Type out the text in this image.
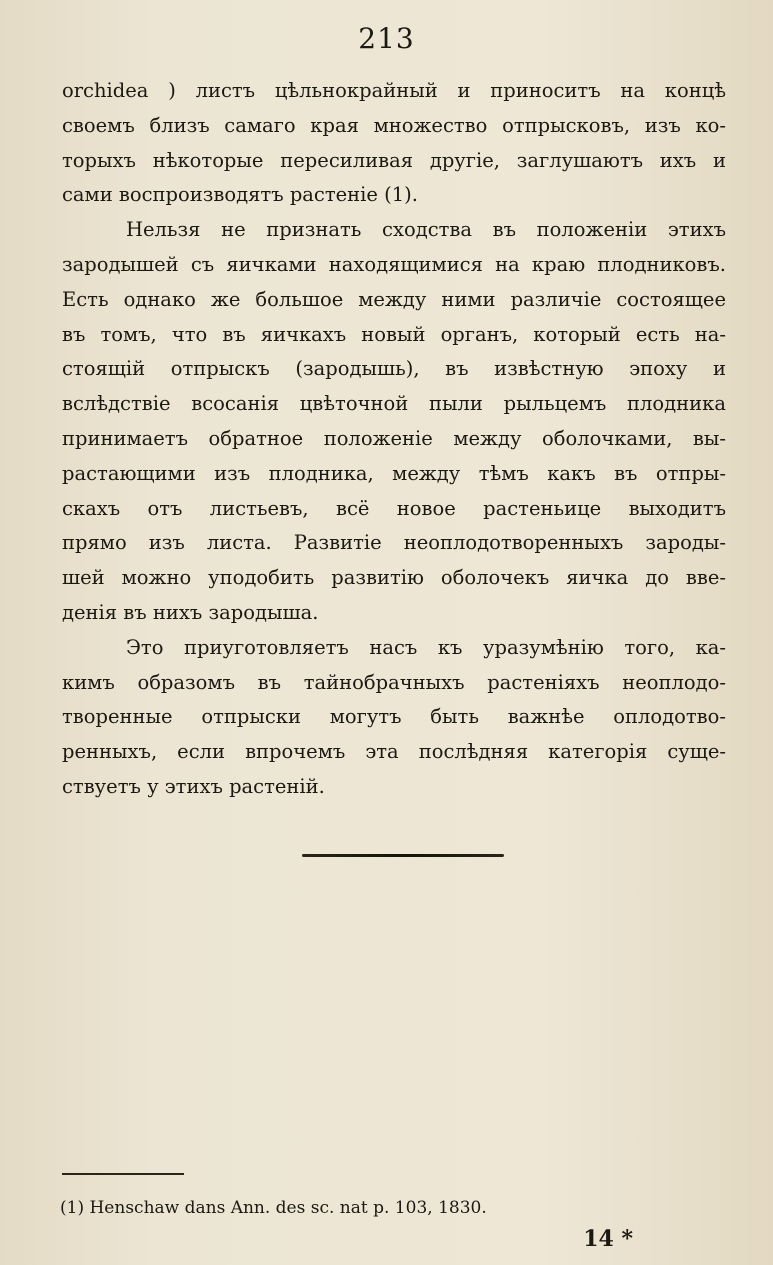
213

orchidea ) листъ цѣльнокрайный и приноситъ на концѣ
своемъ близъ самаго края множество отпрысковъ, изъ ко-
торыхъ нѣкоторые пересиливая другіе, заглушаютъ ихъ и
сами воспроизводятъ растеніе (1).

Нельзя не признать сходства въ положеніи этихъ
зародышей съ яичками находящимися на краю плодниковъ.
Есть однако же большое между ними различіе состоящее
въ томъ, что въ яичкахъ новый органъ, который есть на-
стоящій отпрыскъ (зародышь), въ извѣстную эпоху и
вслѣдствіе всосанія цвѣточной пыли рыльцемъ плодника
принимаетъ обратное положеніе между оболочками, вы-
растающими изъ плодника, между тѣмъ какъ въ отпры-
скахъ отъ листьевъ, всё новое растеньице выходитъ
прямо изъ листа. Развитіе неоплодотворенныхъ зароды-
шей можно уподобить развитію оболочекъ яичка до вве-
денія въ нихъ зародыша.

Это приуготовляетъ насъ къ уразумѣнію того, ка-
кимъ образомъ въ тайнобрачныхъ растеніяхъ неоплодо-
творенные отпрыски могутъ быть важнѣе оплодотво-
ренныхъ, если впрочемъ эта послѣдняя категорія суще-
ствуетъ у этихъ растеній.

(1) Henschaw dans Ann. des sc. nat p. 103, 1830.
14 *
